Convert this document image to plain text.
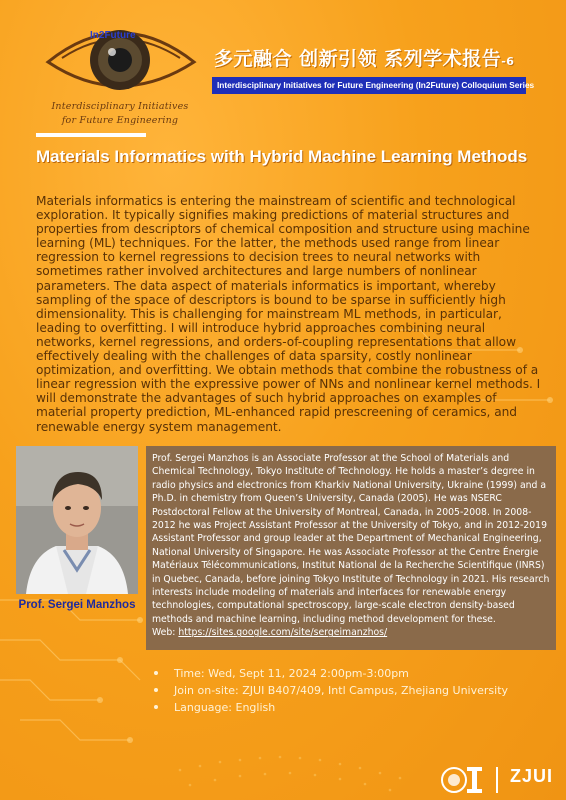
In2Future
Interdisciplinary Initiatives
for Future Engineering
多元融合 创新引领 系列学术报告-6
Interdisciplinary Initiatives for Future Engineering (In2Future) Colloquium Series
Materials Informatics with Hybrid Machine Learning Methods

Materials informatics is entering the mainstream of scientific and technological exploration. It typically signifies making predictions of material structures and properties from descriptors of chemical composition and structure using machine learning (ML) techniques. For the latter, the methods used range from linear regression to kernel regressions to decision trees to neural networks with sometimes rather involved architectures and large numbers of nonlinear parameters. The data aspect of materials informatics is important, whereby sampling of the space of descriptors is bound to be sparse in sufficiently high dimensionality. This is challenging for mainstream ML methods, in particular, leading to overfitting. I will introduce hybrid approaches combining neural networks, kernel regressions, and orders-of-coupling representations that allow effectively dealing with the challenges of data sparsity, costly nonlinear optimization, and overfitting. We obtain methods that combine the robustness of a linear regression with the expressive power of NNs and nonlinear kernel methods. I will demonstrate the advantages of such hybrid approaches on examples of material property prediction, ML-enhanced rapid prescreening of ceramics, and renewable energy system management.

Prof. Sergei Manzhos

Prof. Sergei Manzhos is an Associate Professor at the School of Materials and Chemical Technology, Tokyo Institute of Technology. He holds a master’s degree in radio physics and electronics from Kharkiv National University, Ukraine (1999) and a Ph.D. in chemistry from Queen’s University, Canada (2005). He was NSERC Postdoctoral Fellow at the University of Montreal, Canada, in 2005-2008. In 2008-2012 he was Project Assistant Professor at the University of Tokyo, and in 2012-2019 Assistant Professor and group leader at the Department of Mechanical Engineering, National University of Singapore. He was Associate Professor at the Centre Énergie Matériaux Télécommunications, Institut National de la Recherche Scientifique (INRS) in Quebec, Canada, before joining Tokyo Institute of Technology in 2021. His research interests include modeling of materials and interfaces for renewable energy technologies, computational spectroscopy, large-scale electron density-based methods and machine learning, including method development for these.

Web: https://sites.google.com/site/sergeimanzhos/

Time: Wed, Sept 11, 2024 2:00pm-3:00pm
Join on-site: ZJUI B407/409, Intl Campus, Zhejiang University
Language: English
ZJUI
